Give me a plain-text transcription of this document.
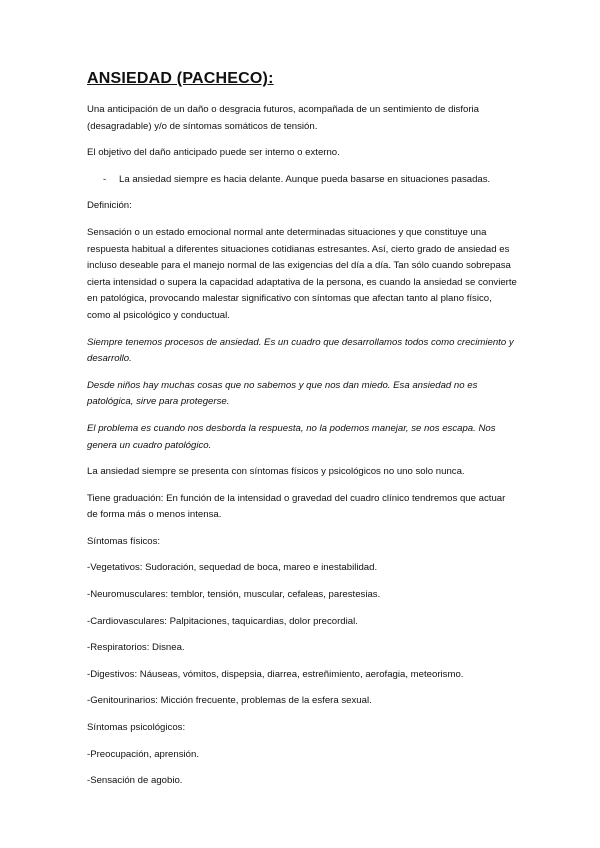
ANSIEDAD (PACHECO):

Una anticipación de un daño o desgracia futuros, acompañada de un sentimiento de disforia (desagradable) y/o de síntomas somáticos de tensión.

El objetivo del daño anticipado puede ser interno o externo.

-	La ansiedad siempre es hacia delante. Aunque pueda basarse en situaciones pasadas.

Definición:

Sensación o un estado emocional normal ante determinadas situaciones y que constituye una respuesta habitual a diferentes situaciones cotidianas estresantes. Así, cierto grado de ansiedad es incluso deseable para el manejo normal de las exigencias del día a día. Tan sólo cuando sobrepasa cierta intensidad o supera la capacidad adaptativa de la persona, es cuando la ansiedad se convierte en patológica, provocando malestar significativo con síntomas que afectan tanto al plano físico, como al psicológico y conductual.

Siempre tenemos procesos de ansiedad. Es un cuadro que desarrollamos todos como crecimiento y desarrollo.

Desde niños hay muchas cosas que no sabemos y que nos dan miedo. Esa ansiedad no es patológica, sirve para protegerse.

El problema es cuando nos desborda la respuesta, no la podemos manejar, se nos escapa. Nos genera un cuadro patológico.

La ansiedad siempre se presenta con síntomas físicos y psicológicos no uno solo nunca.

Tiene graduación: En función de la intensidad o gravedad del cuadro clínico tendremos que actuar de forma más o menos intensa.

Síntomas físicos:

-Vegetativos: Sudoración, sequedad de boca, mareo e inestabilidad.

-Neuromusculares: temblor, tensión, muscular, cefaleas, parestesias.

-Cardiovasculares: Palpitaciones, taquicardias, dolor precordial.

-Respiratorios: Disnea.

-Digestivos: Náuseas, vómitos, dispepsia, diarrea, estreñimiento, aerofagia, meteorismo.

-Genitourinarios: Micción frecuente, problemas de la esfera sexual.

Síntomas psicológicos:

-Preocupación, aprensión.

-Sensación de agobio.
